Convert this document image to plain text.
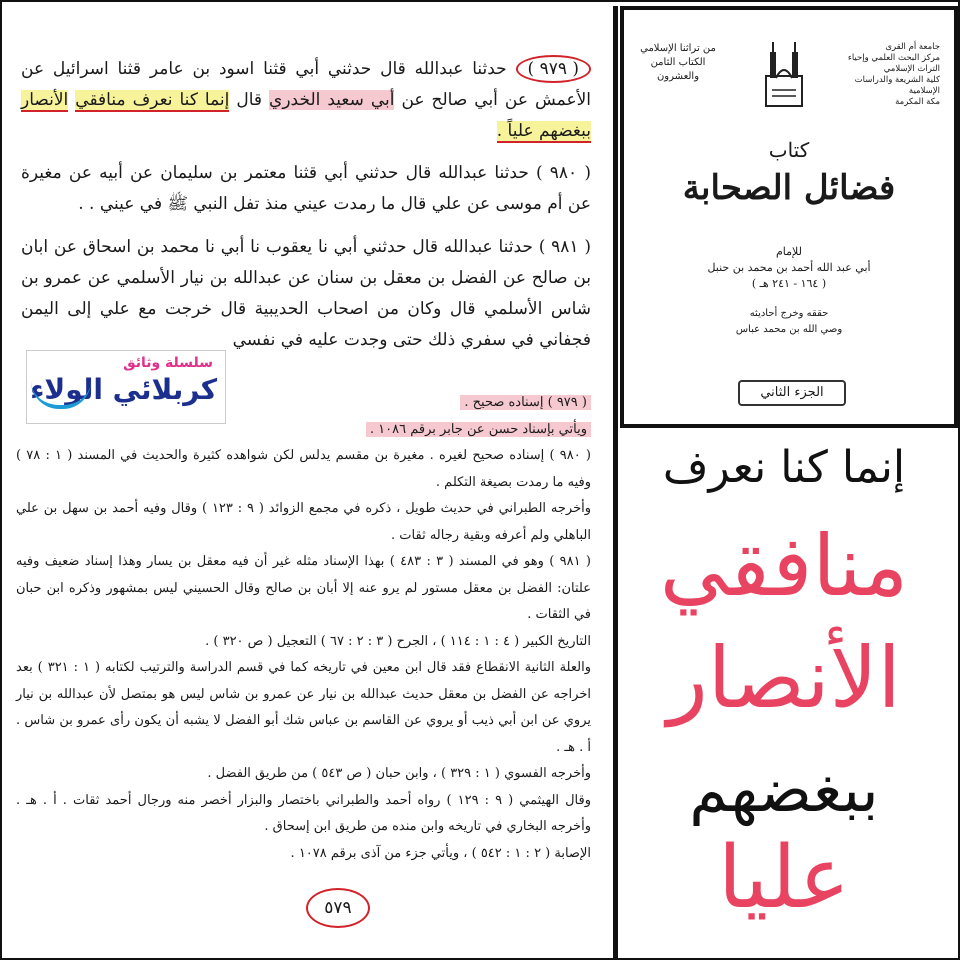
( ٩٧٩ ) حدثنا عبدالله قال حدثني أبي قثنا اسود بن عامر قثنا اسرائيل عن الأعمش عن أبي صالح عن أبي سعيد الخدري قال إنما كنا نعرف منافقي الأنصار ببغضهم علياً .
( ٩٨٠ ) حدثنا عبدالله قال حدثني أبي قثنا معتمر بن سليمان عن أبيه عن مغيرة عن أم موسى عن علي قال ما رمدت عيني منذ تفل النبي ﷺ في عيني . .
( ٩٨١ ) حدثنا عبدالله قال حدثني أبي نا يعقوب نا أبي نا محمد بن اسحاق عن ابان بن صالح عن الفضل بن معقل بن سنان عن عبدالله بن نيار الأسلمي عن عمرو بن شاس الأسلمي قال وكان من اصحاب الحديبية قال خرجت مع علي إلى اليمن فجفاني في سفري ذلك حتى وجدت عليه في نفسي

( ٩٧٩ ) إسناده صحيح .

ويأتي بإسناد حسن عن جابر برقم ١٠٨٦ .

( ٩٨٠ ) إسناده صحيح لغيره . مغيرة بن مقسم يدلس لكن شواهده كثيرة والحديث في المسند ( ١ : ٧٨ ) وفيه ما رمدت بصيغة التكلم .

وأخرجه الطبراني في حديث طويل ، ذكره في مجمع الزوائد ( ٩ : ١٢٣ ) وقال وفيه أحمد بن سهل بن علي الباهلي ولم أعرفه وبقية رجاله ثقات .

( ٩٨١ ) وهو في المسند ( ٣ : ٤٨٣ ) بهذا الإسناد مثله غير أن فيه معقل بن يسار وهذا إسناد ضعيف وفيه علتان: الفضل بن معقل مستور لم يرو عنه إلا أبان بن صالح وقال الحسيني ليس بمشهور وذكره ابن حبان في الثقات .

التاريخ الكبير ( ٤ : ١ : ١١٤ ) ، الجرح ( ٣ : ٢ : ٦٧ ) التعجيل ( ص ٣٢٠ ) .

والعلة الثانية الانقطاع فقد قال ابن معين في تاريخه كما في قسم الدراسة والترتيب لكتابه ( ١ : ٣٢١ ) بعد اخراجه عن الفضل بن معقل حديث عبدالله بن نيار عن عمرو بن شاس ليس هو بمتصل لأن عبدالله بن نيار يروي عن ابن أبي ذيب أو يروي عن القاسم بن عباس شك أبو الفضل لا يشبه أن يكون رأى عمرو بن شاس . أ . هـ .

وأخرجه الفسوي ( ١ : ٣٢٩ ) ، وابن حبان ( ص ٥٤٣ ) من طريق الفضل .

وقال الهيثمي ( ٩ : ١٢٩ ) رواه أحمد والطبراني باختصار والبزار أخصر منه ورجال أحمد ثقات . أ . هـ . وأخرجه البخاري في تاريخه وابن منده من طريق ابن إسحاق .

الإصابة ( ٢ : ١ : ٥٤٢ ) ، ويأتي جزء من آذى برقم ١٠٧٨ .

٥٧٩
سلسلة وثائق
كربلائي الولاء
من تراثنا الإسلامي
الكتاب الثامن والعشرون
جامعة أم القرى
مركز البحث العلمي وإحياء التراث الإسلامي
كلية الشريعة والدراسات الإسلامية
مكة المكرمة
كتاب
فضائل الصحابة
للإمام
أبي عبد الله أحمد بن محمد بن حنبل
( ١٦٤ - ٢٤١ هـ )
حققه وخرج أحاديثه
وصي الله بن محمد عباس
الجزء الثاني
إنما كنا نعرف
منافقي
الأنصار
ببغضهم
عليا
